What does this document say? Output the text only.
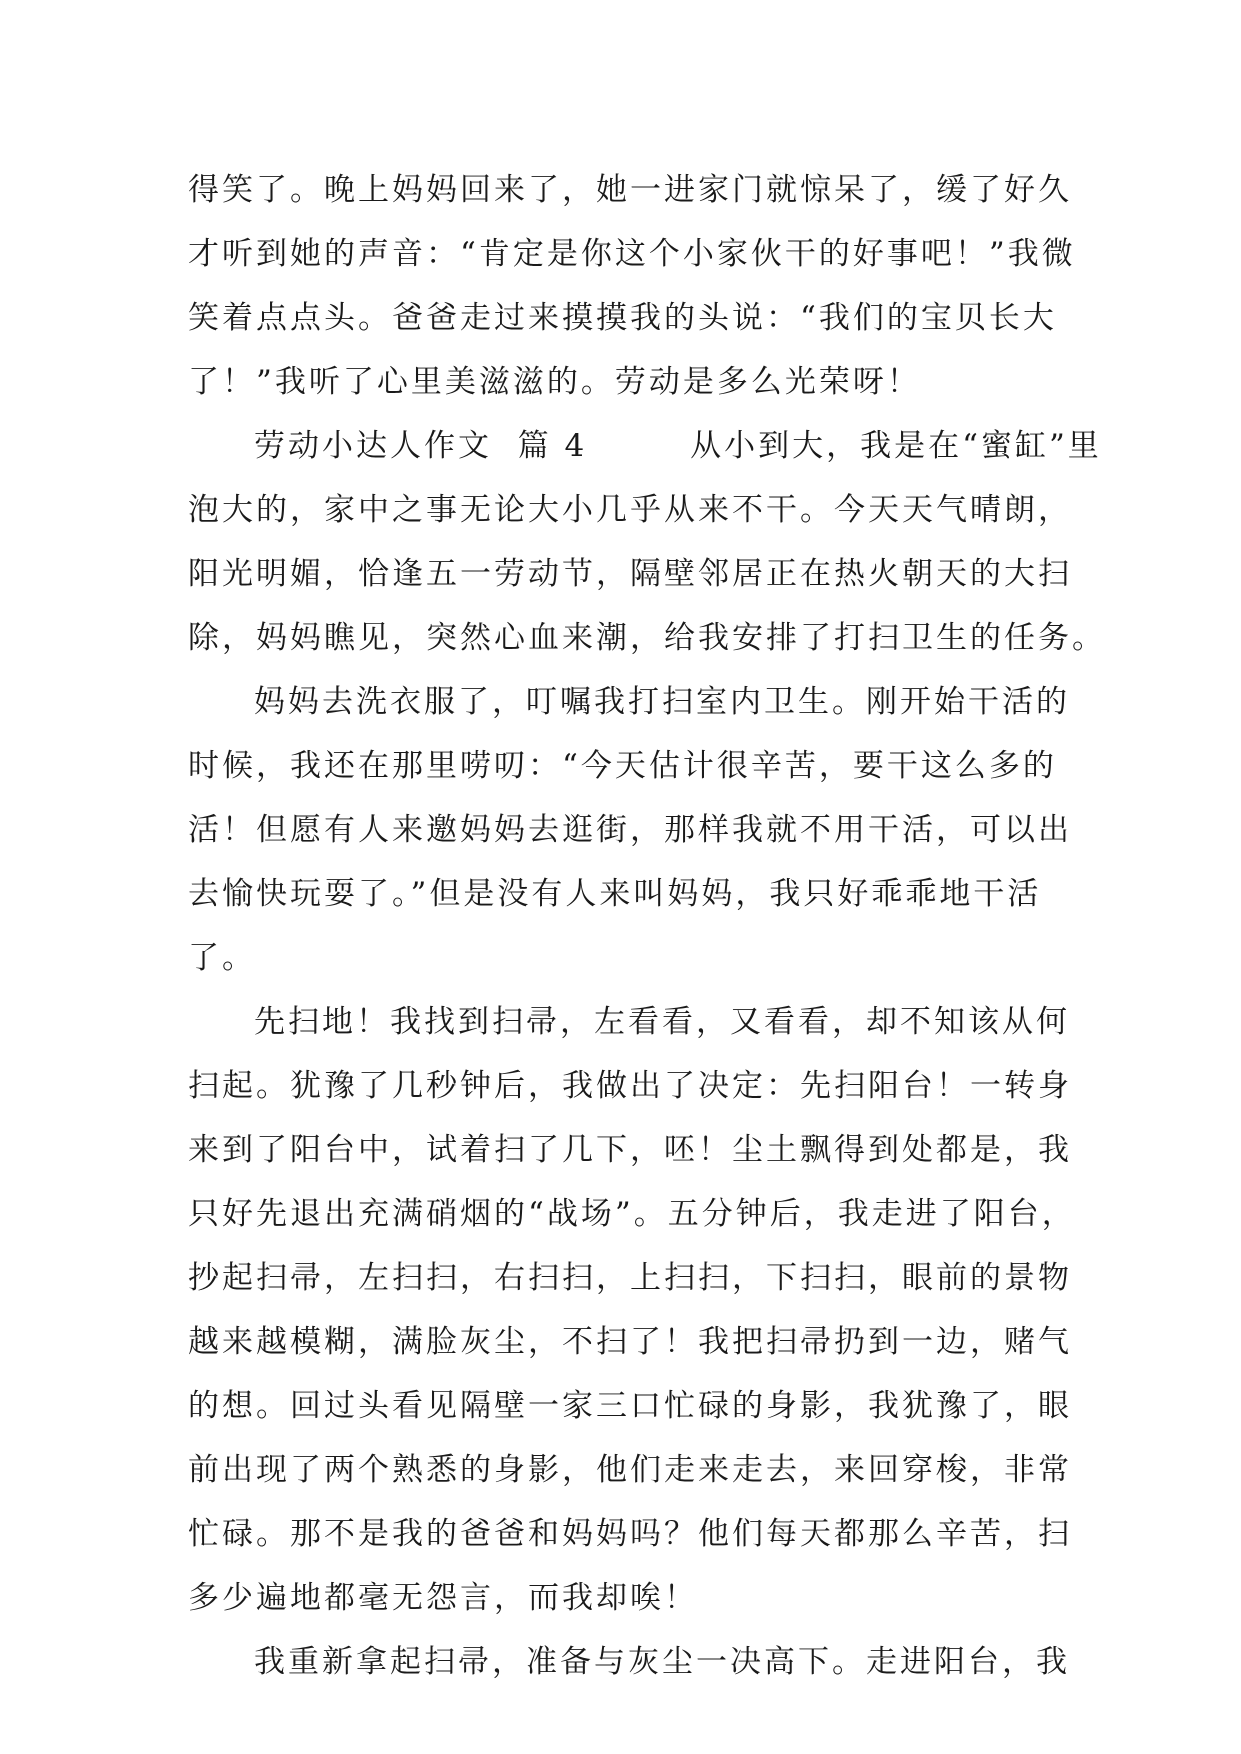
得笑了。晚上妈妈回来了，她一进家门就惊呆了，缓了好久
才听到她的声音：“肯定是你这个小家伙干的好事吧！”我微
笑着点点头。爸爸走过来摸摸我的头说：“我们的宝贝长大
了！”我听了心里美滋滋的。劳动是多么光荣呀！
劳动小达人作文  篇 4        从小到大，我是在“蜜缸”里
泡大的，家中之事无论大小几乎从来不干。今天天气晴朗，
阳光明媚，恰逢五一劳动节，隔壁邻居正在热火朝天的大扫
除，妈妈瞧见，突然心血来潮，给我安排了打扫卫生的任务。
妈妈去洗衣服了，叮嘱我打扫室内卫生。刚开始干活的
时候，我还在那里唠叨：“今天估计很辛苦，要干这么多的
活！但愿有人来邀妈妈去逛街，那样我就不用干活，可以出
去愉快玩耍了。”但是没有人来叫妈妈，我只好乖乖地干活
了。
先扫地！我找到扫帚，左看看，又看看，却不知该从何
扫起。犹豫了几秒钟后，我做出了决定：先扫阳台！一转身
来到了阳台中，试着扫了几下，呸！尘土飘得到处都是，我
只好先退出充满硝烟的“战场”。五分钟后，我走进了阳台，
抄起扫帚，左扫扫，右扫扫，上扫扫，下扫扫，眼前的景物
越来越模糊，满脸灰尘，不扫了！我把扫帚扔到一边，赌气
的想。回过头看见隔壁一家三口忙碌的身影，我犹豫了，眼
前出现了两个熟悉的身影，他们走来走去，来回穿梭，非常
忙碌。那不是我的爸爸和妈妈吗？他们每天都那么辛苦，扫
多少遍地都毫无怨言，而我却唉！
我重新拿起扫帚，准备与灰尘一决高下。走进阳台，我
